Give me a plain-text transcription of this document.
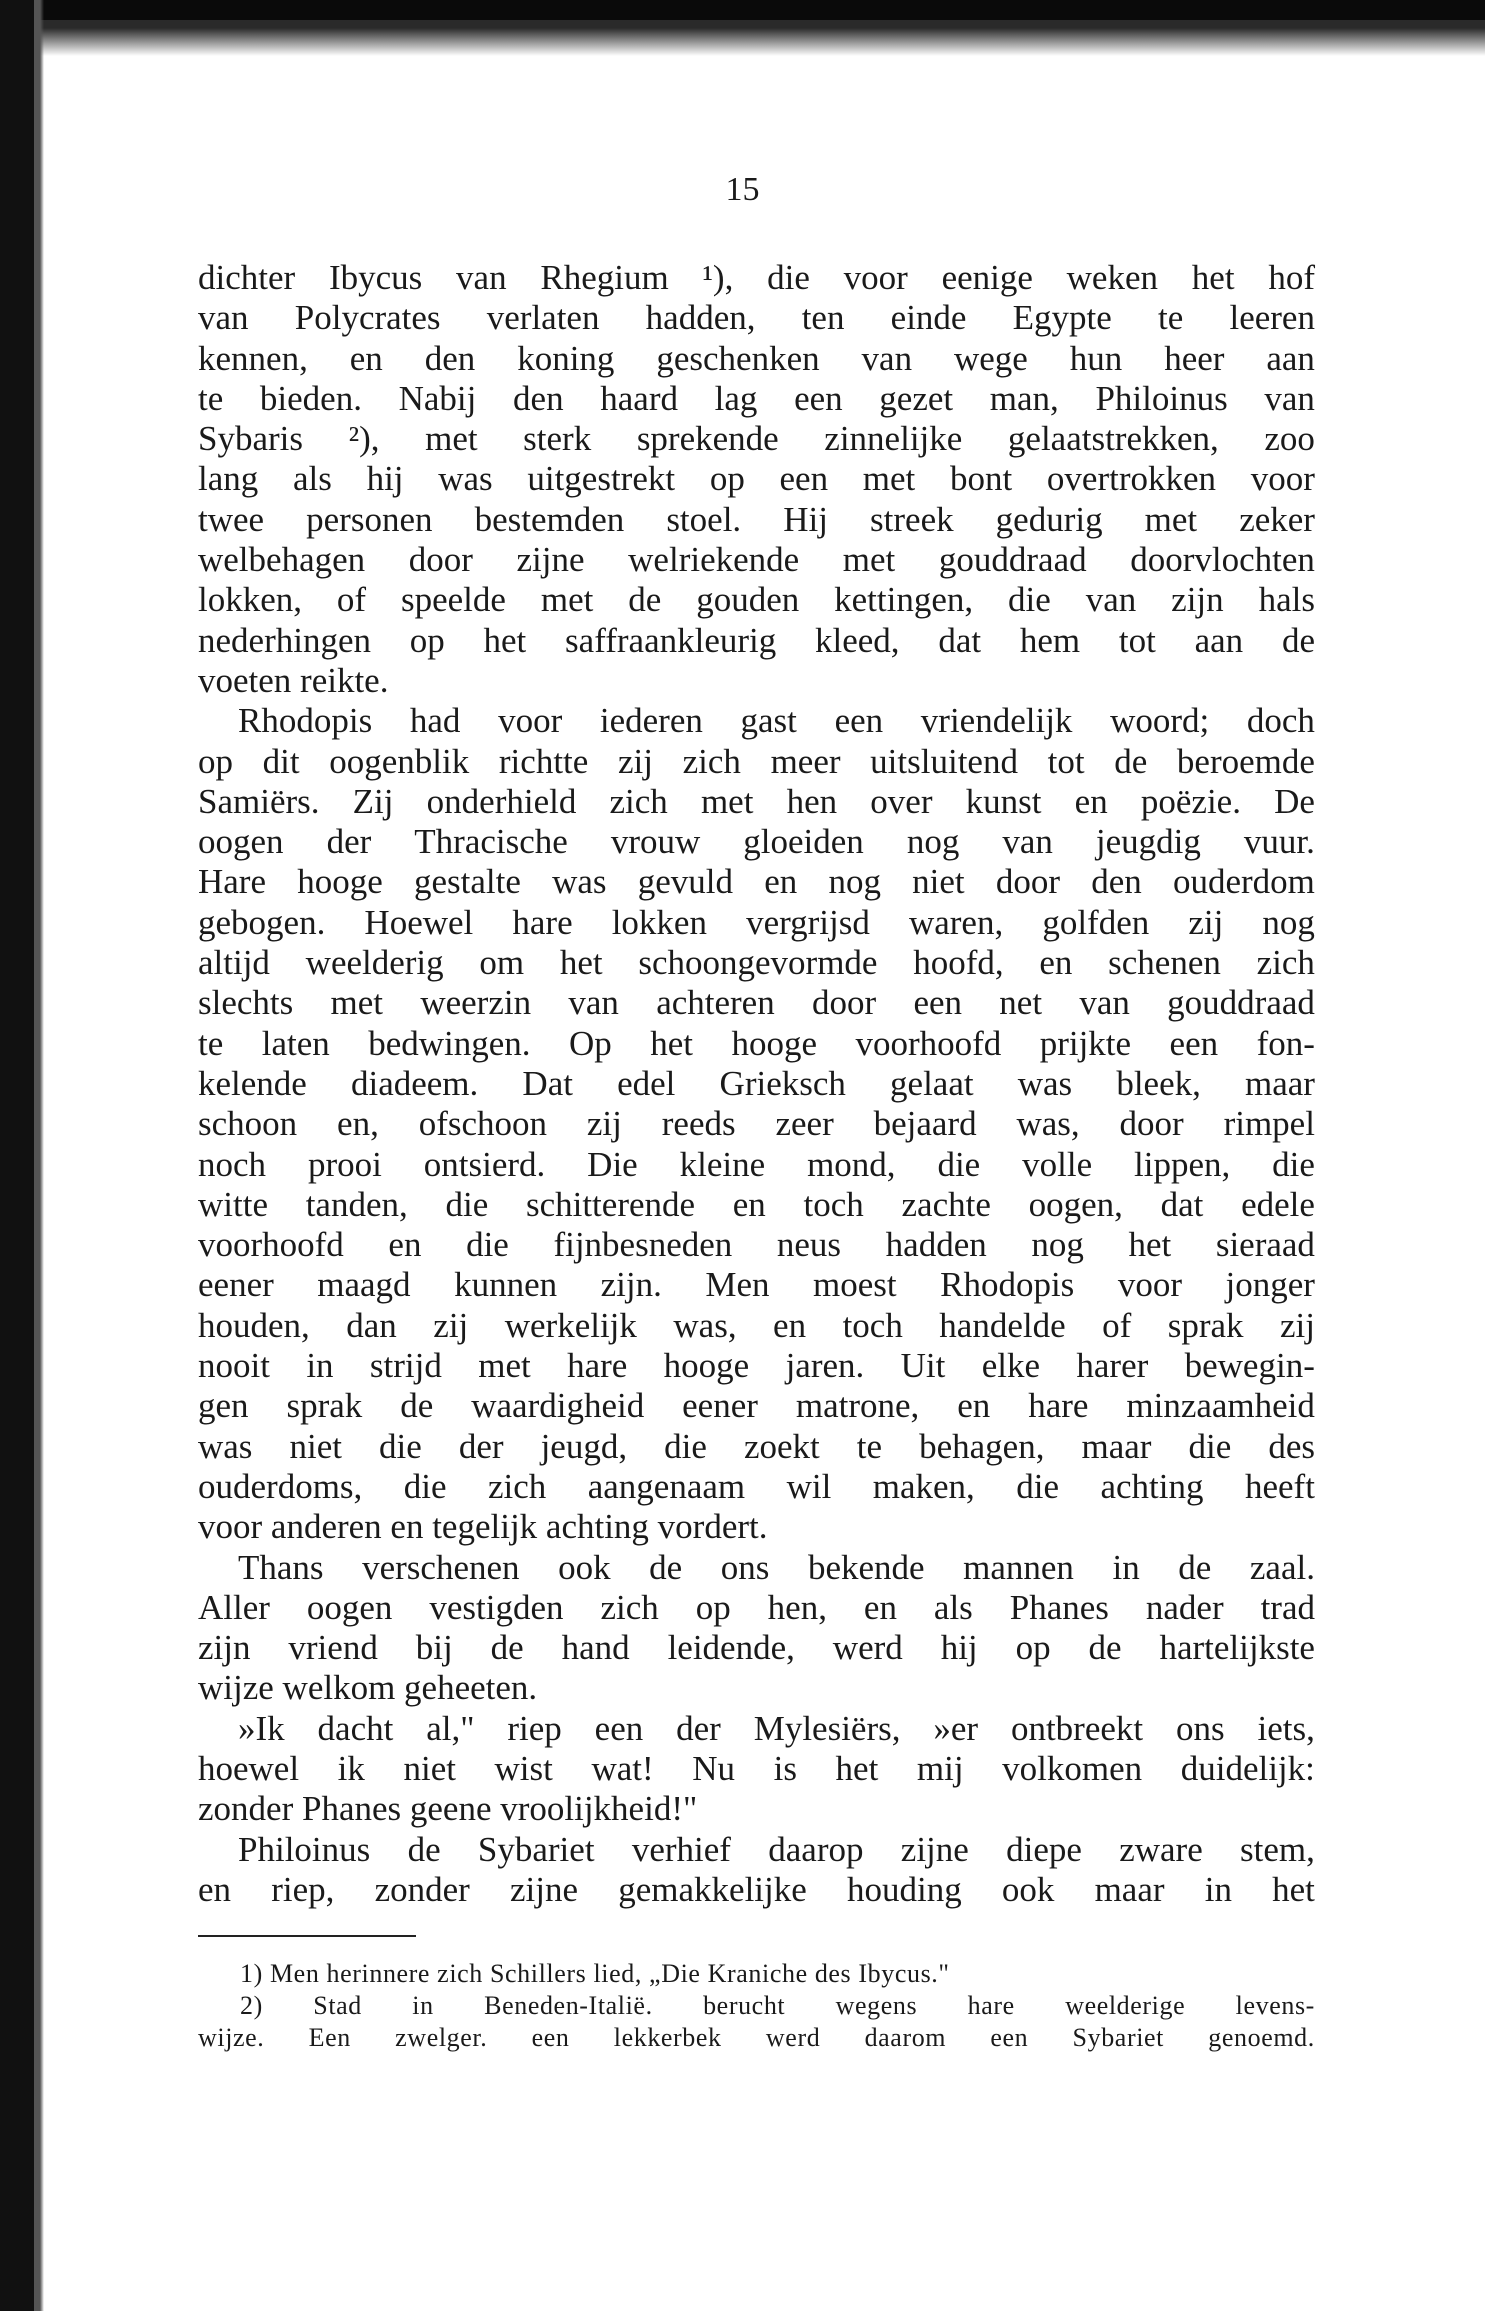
15
dichter Ibycus van Rhegium ¹), die voor eenige weken het hof
van Polycrates verlaten hadden, ten einde Egypte te leeren
kennen, en den koning geschenken van wege hun heer aan
te bieden. Nabij den haard lag een gezet man, Philoinus van
Sybaris ²), met sterk sprekende zinnelijke gelaatstrekken, zoo
lang als hij was uitgestrekt op een met bont overtrokken voor
twee personen bestemden stoel. Hij streek gedurig met zeker
welbehagen door zijne welriekende met gouddraad doorvlochten
lokken, of speelde met de gouden kettingen, die van zijn hals
nederhingen op het saffraankleurig kleed, dat hem tot aan de
voeten reikte.
Rhodopis had voor iederen gast een vriendelijk woord; doch
op dit oogenblik richtte zij zich meer uitsluitend tot de beroemde
Samiërs. Zij onderhield zich met hen over kunst en poëzie. De
oogen der Thracische vrouw gloeiden nog van jeugdig vuur.
Hare hooge gestalte was gevuld en nog niet door den ouderdom
gebogen. Hoewel hare lokken vergrijsd waren, golfden zij nog
altijd weelderig om het schoongevormde hoofd, en schenen zich
slechts met weerzin van achteren door een net van gouddraad
te laten bedwingen. Op het hooge voorhoofd prijkte een fon-
kelende diadeem. Dat edel Grieksch gelaat was bleek, maar
schoon en, ofschoon zij reeds zeer bejaard was, door rimpel
noch prooi ontsierd. Die kleine mond, die volle lippen, die
witte tanden, die schitterende en toch zachte oogen, dat edele
voorhoofd en die fijnbesneden neus hadden nog het sieraad
eener maagd kunnen zijn. Men moest Rhodopis voor jonger
houden, dan zij werkelijk was, en toch handelde of sprak zij
nooit in strijd met hare hooge jaren. Uit elke harer bewegin-
gen sprak de waardigheid eener matrone, en hare minzaamheid
was niet die der jeugd, die zoekt te behagen, maar die des
ouderdoms, die zich aangenaam wil maken, die achting heeft
voor anderen en tegelijk achting vordert.
Thans verschenen ook de ons bekende mannen in de zaal.
Aller oogen vestigden zich op hen, en als Phanes nader trad
zijn vriend bij de hand leidende, werd hij op de hartelijkste
wijze welkom geheeten.
»Ik dacht al," riep een der Mylesiërs, »er ontbreekt ons iets,
hoewel ik niet wist wat! Nu is het mij volkomen duidelijk:
zonder Phanes geene vroolijkheid!"
Philoinus de Sybariet verhief daarop zijne diepe zware stem,
en riep, zonder zijne gemakkelijke houding ook maar in het
1) Men herinnere zich Schillers lied, „Die Kraniche des Ibycus."
2) Stad in Beneden-Italië. berucht wegens hare weelderige levens-
wijze. Een zwelger. een lekkerbek werd daarom een Sybariet genoemd.
